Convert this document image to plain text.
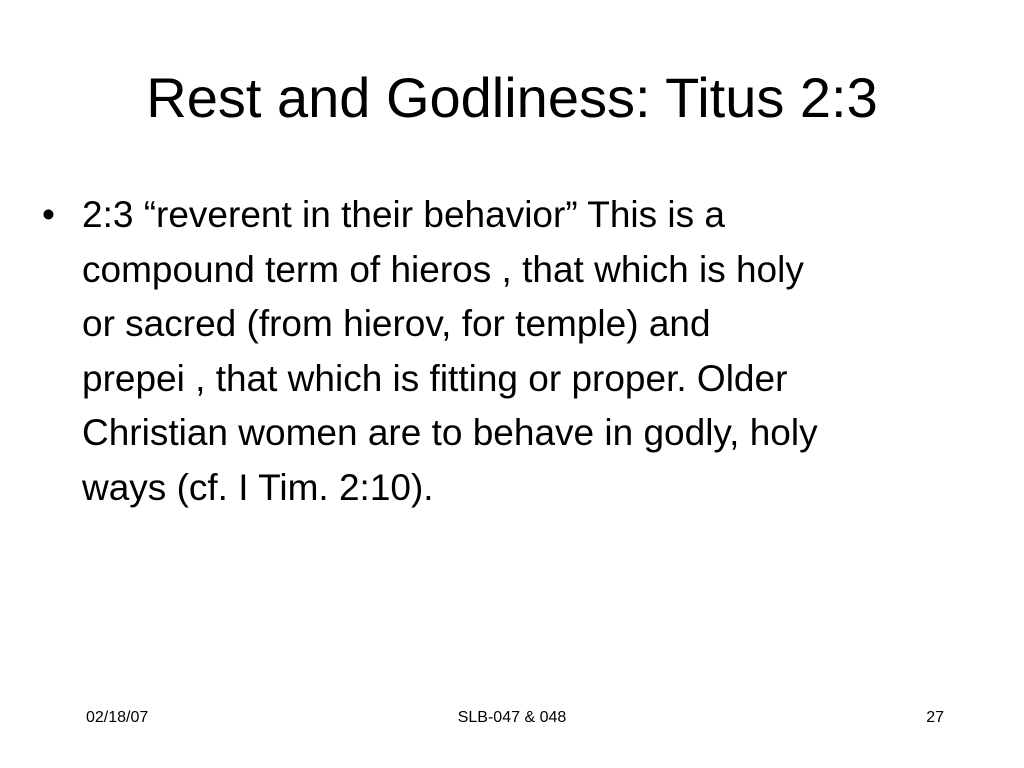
Rest and Godliness: Titus 2:3
• 2:3 “reverent in their behavior” This is a
compound term of hieros , that which is holy
or sacred (from hierov, for temple) and
prepei , that which is fitting or proper. Older
Christian women are to behave in godly, holy
ways (cf. I Tim. 2:10).
02/18/07	SLB-047 & 048	27
